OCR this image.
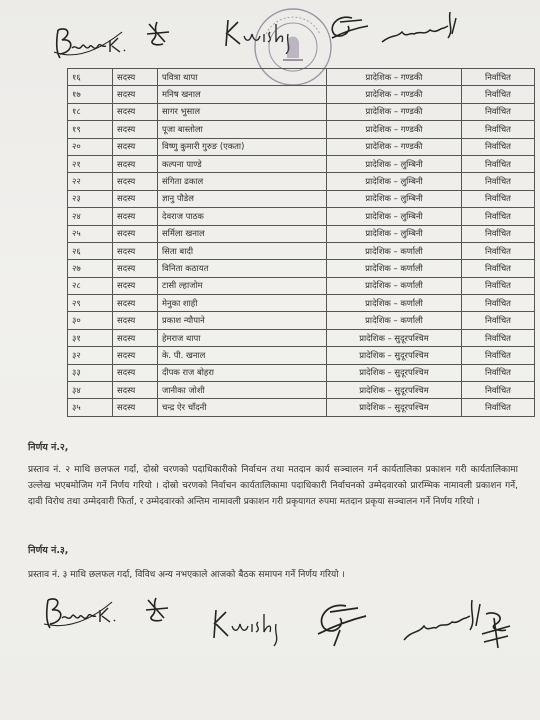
१६	सदस्य	पवित्रा थापा	प्रादेशिक – गण्डकी	निर्वाचित
१७	सदस्य	मनिष खनाल	प्रादेशिक – गण्डकी	निर्वाचित
१८	सदस्य	सागर भुसाल	प्रादेशिक – गण्डकी	निर्वाचित
१९	सदस्य	पूजा बास्तोला	प्रादेशिक – गण्डकी	निर्वाचित
२०	सदस्य	विष्णु कुमारी गुरुङ (एकता)	प्रादेशिक – गण्डकी	निर्वाचित
२१	सदस्य	कल्पना पाण्डे	प्रादेशिक – लुम्बिनी	निर्वाचित
२२	सदस्य	संगिता ढकाल	प्रादेशिक – लुम्बिनी	निर्वाचित
२३	सदस्य	ज्ञानु पौडेल	प्रादेशिक – लुम्बिनी	निर्वाचित
२४	सदस्य	देवराज पाठक	प्रादेशिक – लुम्बिनी	निर्वाचित
२५	सदस्य	सर्मिला खनाल	प्रादेशिक – लुम्बिनी	निर्वाचित
२६	सदस्य	सिता बादी	प्रादेशिक – कर्णाली	निर्वाचित
२७	सदस्य	विनिता कठायत	प्रादेशिक – कर्णाली	निर्वाचित
२८	सदस्य	टासी ल्हाजोम	प्रादेशिक – कर्णाली	निर्वाचित
२९	सदस्य	मेनुका शाही	प्रादेशिक – कर्णाली	निर्वाचित
३०	सदस्य	प्रकाश न्यौपाने	प्रादेशिक – कर्णाली	निर्वाचित
३१	सदस्य	हेमराज थापा	प्रादेशिक – सुदूरपश्चिम	निर्वाचित
३२	सदस्य	के. पी. खनाल	प्रादेशिक – सुदूरपश्चिम	निर्वाचित
३३	सदस्य	दीपक राज बोहरा	प्रादेशिक – सुदूरपश्चिम	निर्वाचित
३४	सदस्य	जानीका जोशी	प्रादेशिक – सुदूरपश्चिम	निर्वाचित
३५	सदस्य	चन्द्र ऐर चाँदनी	प्रादेशिक – सुदूरपश्चिम	निर्वाचित
निर्णय नं.२,
प्रस्ताव नं. २ माथि छलफल गर्दा, दोस्रो चरणको पदाधिकारीको निर्वाचन तथा मतदान कार्य सञ्चालन गर्न कार्यतालिका प्रकाशन गरी कार्यतालिकामा उल्लेख भएबमोजिम गर्ने निर्णय गरियो । दोस्रो चरणको निर्वाचन कार्यतालिकामा पदाधिकारी निर्वाचनको उम्मेदवारको प्रारम्भिक नामावली प्रकाशन गर्ने, दावी विरोध तथा उम्मेदवारी फिर्ता, र उम्मेदवारको अन्तिम नामावली प्रकाशन गरी प्रकृयागत रुपमा मतदान प्रकृया सञ्चालन गर्ने निर्णय गरियो ।
निर्णय नं.३,
प्रस्ताव नं. ३ माथि छलफल गर्दा, विविध अन्य नभएकाले आजको बैठक समापन गर्ने निर्णय गरियो ।
